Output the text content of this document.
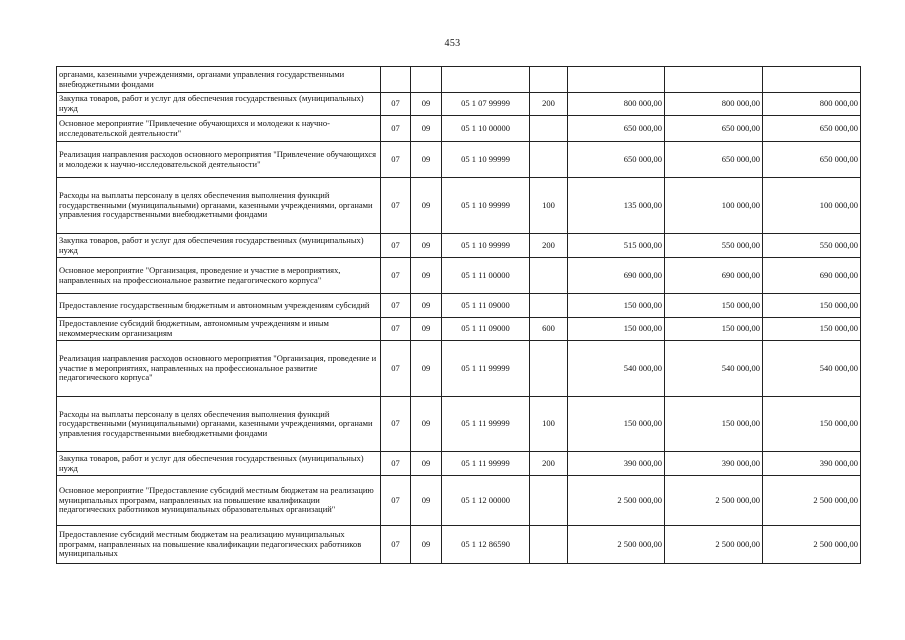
453
органами, казенными учреждениями, органами управления государственными внебюджетными фондами							
Закупка товаров, работ и услуг для обеспечения государственных (муниципальных) нужд	07	09	05 1 07 99999	200	800 000,00	800 000,00	800 000,00
Основное мероприятие "Привлечение обучающихся и молодежи к научно-исследовательской деятельности"	07	09	05 1 10 00000		650 000,00	650 000,00	650 000,00
Реализация направления расходов основного мероприятия "Привлечение обучающихся и молодежи к научно-исследовательской деятельности"	07	09	05 1 10 99999		650 000,00	650 000,00	650 000,00
Расходы на выплаты персоналу в целях обеспечения выполнения функций государственными (муниципальными) органами, казенными учреждениями, органами управления государственными внебюджетными фондами	07	09	05 1 10 99999	100	135 000,00	100 000,00	100 000,00
Закупка товаров, работ и услуг для обеспечения государственных (муниципальных) нужд	07	09	05 1 10 99999	200	515 000,00	550 000,00	550 000,00
Основное мероприятие "Организация, проведение и участие в мероприятиях, направленных на профессиональное развитие педагогического корпуса"	07	09	05 1 11 00000		690 000,00	690 000,00	690 000,00
Предоставление государственным бюджетным и автономным учреждениям субсидий	07	09	05 1 11 09000		150 000,00	150 000,00	150 000,00
Предоставление субсидий бюджетным, автономным учреждениям и иным некоммерческим организациям	07	09	05 1 11 09000	600	150 000,00	150 000,00	150 000,00
Реализация направления расходов основного мероприятия "Организация, проведение и участие в мероприятиях, направленных на профессиональное развитие педагогического корпуса"	07	09	05 1 11 99999		540 000,00	540 000,00	540 000,00
Расходы на выплаты персоналу в целях обеспечения выполнения функций государственными (муниципальными) органами, казенными учреждениями, органами управления государственными внебюджетными фондами	07	09	05 1 11 99999	100	150 000,00	150 000,00	150 000,00
Закупка товаров, работ и услуг для обеспечения государственных (муниципальных) нужд	07	09	05 1 11 99999	200	390 000,00	390 000,00	390 000,00
Основное мероприятие "Предоставление субсидий местным бюджетам на реализацию муниципальных программ, направленных на повышение квалификации педагогических работников муниципальных образовательных организаций"	07	09	05 1 12 00000		2 500 000,00	2 500 000,00	2 500 000,00
Предоставление субсидий местным бюджетам на реализацию муниципальных программ, направленных на повышение квалификации педагогических работников муниципальных	07	09	05 1 12 86590		2 500 000,00	2 500 000,00	2 500 000,00
